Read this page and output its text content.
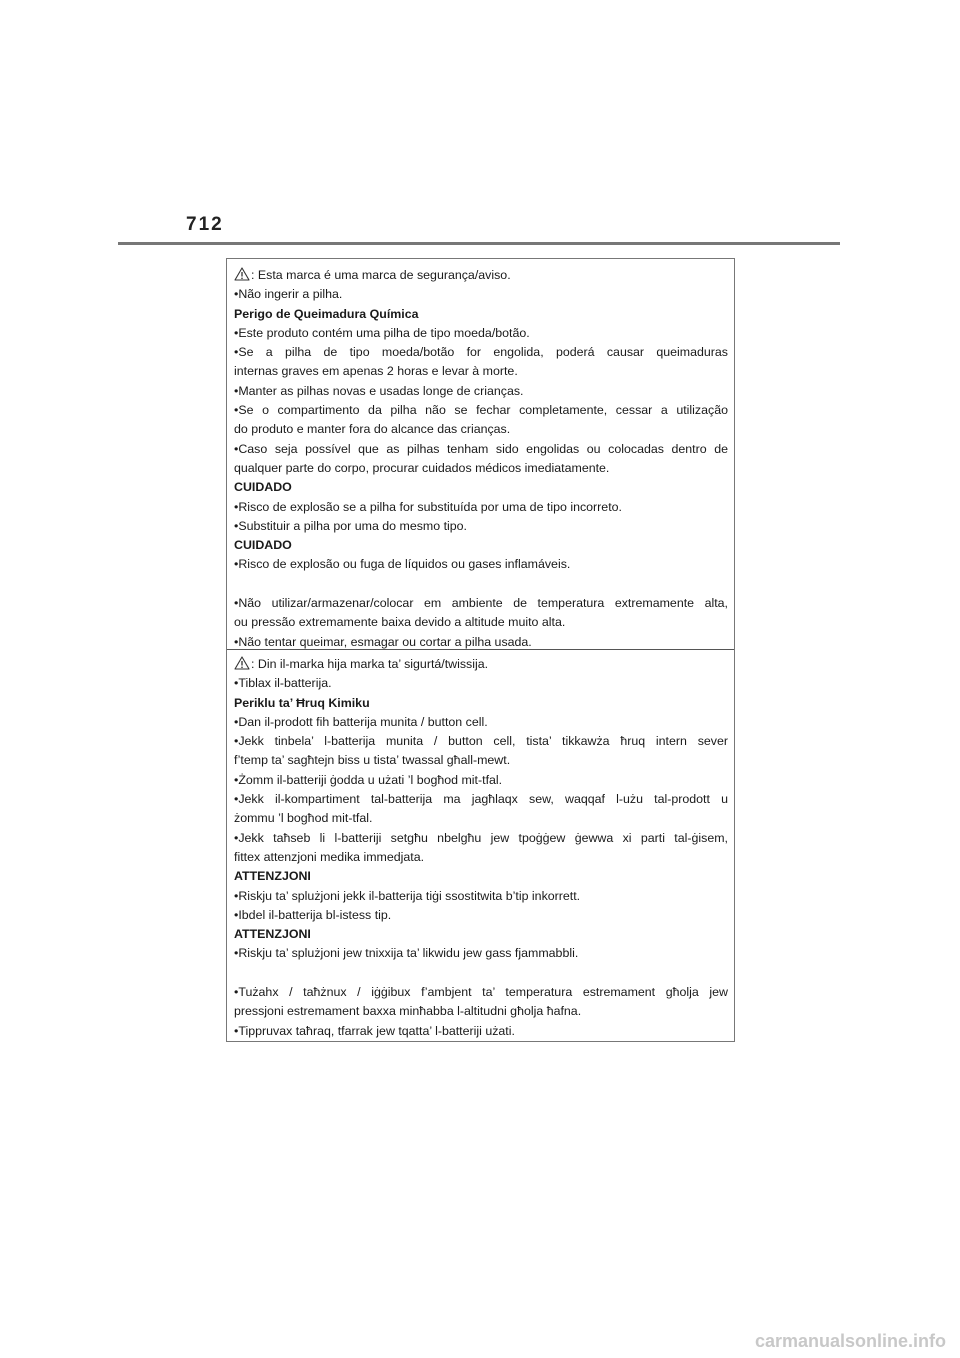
712
: Esta marca é uma marca de segurança/aviso.
•Não ingerir a pilha.
Perigo de Queimadura Química
•Este produto contém uma pilha de tipo moeda/botão.
•Se a pilha de tipo moeda/botão for engolida, poderá causar queimaduras
internas graves em apenas 2 horas e levar à morte.
•Manter as pilhas novas e usadas longe de crianças.
•Se o compartimento da pilha não se fechar completamente, cessar a utilização
do produto e manter fora do alcance das crianças.
•Caso seja possível que as pilhas tenham sido engolidas ou colocadas dentro de
qualquer parte do corpo, procurar cuidados médicos imediatamente.
CUIDADO
•Risco de explosão se a pilha for substituída por uma de tipo incorreto.
•Substituir a pilha por uma do mesmo tipo.
CUIDADO
•Risco de explosão ou fuga de líquidos ou gases inflamáveis.
•Não utilizar/armazenar/colocar em ambiente de temperatura extremamente alta,
ou pressão extremamente baixa devido a altitude muito alta.
•Não tentar queimar, esmagar ou cortar a pilha usada.
: Din il-marka hija marka ta’ sigurtá/twissija.
•Tiblax il-batterija.
Periklu ta’ Ħruq Kimiku
•Dan il-prodott fih batterija munita / button cell.
•Jekk tinbela’ l-batterija munita / button cell, tista’ tikkawża ħruq intern sever
f’temp ta’ sagħtejn biss u tista’ twassal għall-mewt.
•Żomm il-batteriji ġodda u użati ’l bogħod mit-tfal.
•Jekk il-kompartiment tal-batterija ma jagħlaqx sew, waqqaf l-użu tal-prodott u
żommu ’l bogħod mit-tfal.
•Jekk taħseb li l-batteriji setgħu nbelgħu jew tpoġġew ġewwa xi parti tal-ġisem,
fittex attenzjoni medika immedjata.
ATTENZJONI
•Riskju ta’ splużjoni jekk il-batterija tiġi ssostitwita b’tip inkorrett.
•Ibdel il-batterija bl-istess tip.
ATTENZJONI
•Riskju ta’ splużjoni jew tnixxija ta’ likwidu jew gass fjammabbli.
•Tużahx / taħżnux / iġġibux f’ambjent ta’ temperatura estremament għolja jew
pressjoni estremament baxxa minħabba l-altitudni għolja ħafna.
•Tippruvax taħraq, tfarrak jew tqatta’ l-batteriji użati.
carmanualsonline.info
